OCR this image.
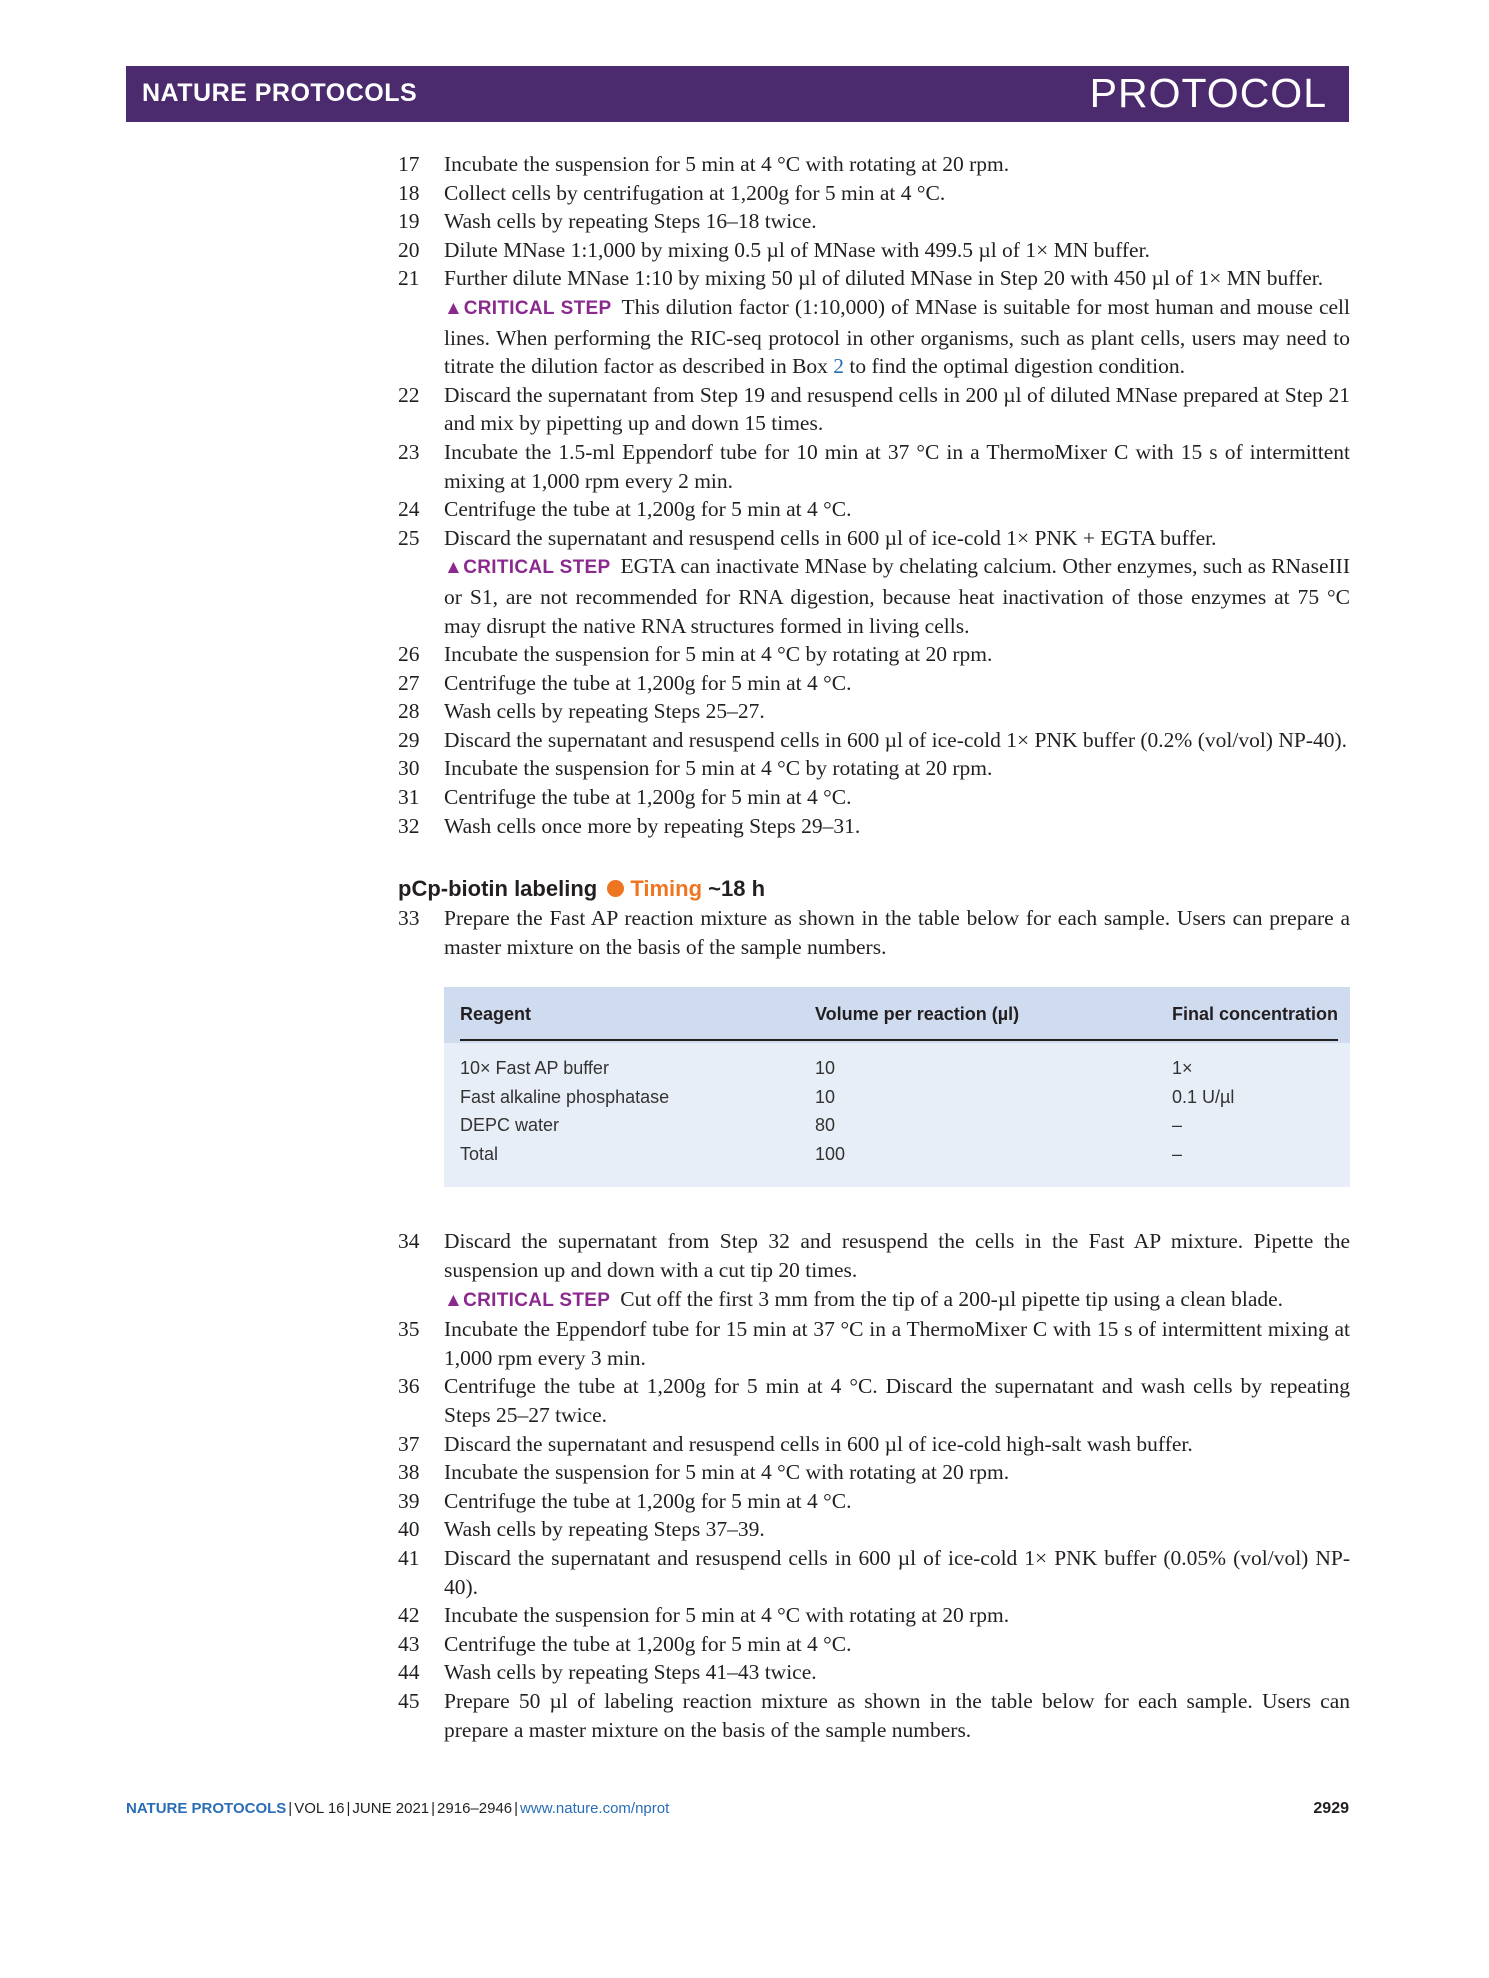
NATURE PROTOCOLS	PROTOCOL
17 Incubate the suspension for 5 min at 4 °C with rotating at 20 rpm.
18 Collect cells by centrifugation at 1,200g for 5 min at 4 °C.
19 Wash cells by repeating Steps 16–18 twice.
20 Dilute MNase 1:1,000 by mixing 0.5 µl of MNase with 499.5 µl of 1× MN buffer.
21 Further dilute MNase 1:10 by mixing 50 µl of diluted MNase in Step 20 with 450 µl of 1× MN buffer.
▲CRITICAL STEP This dilution factor (1:10,000) of MNase is suitable for most human and mouse cell lines. When performing the RIC-seq protocol in other organisms, such as plant cells, users may need to titrate the dilution factor as described in Box 2 to find the optimal digestion condition.
22 Discard the supernatant from Step 19 and resuspend cells in 200 µl of diluted MNase prepared at Step 21 and mix by pipetting up and down 15 times.
23 Incubate the 1.5-ml Eppendorf tube for 10 min at 37 °C in a ThermoMixer C with 15 s of intermittent mixing at 1,000 rpm every 2 min.
24 Centrifuge the tube at 1,200g for 5 min at 4 °C.
25 Discard the supernatant and resuspend cells in 600 µl of ice-cold 1× PNK + EGTA buffer.
▲CRITICAL STEP EGTA can inactivate MNase by chelating calcium. Other enzymes, such as RNaseIII or S1, are not recommended for RNA digestion, because heat inactivation of those enzymes at 75 °C may disrupt the native RNA structures formed in living cells.
26 Incubate the suspension for 5 min at 4 °C by rotating at 20 rpm.
27 Centrifuge the tube at 1,200g for 5 min at 4 °C.
28 Wash cells by repeating Steps 25–27.
29 Discard the supernatant and resuspend cells in 600 µl of ice-cold 1× PNK buffer (0.2% (vol/vol) NP-40).
30 Incubate the suspension for 5 min at 4 °C by rotating at 20 rpm.
31 Centrifuge the tube at 1,200g for 5 min at 4 °C.
32 Wash cells once more by repeating Steps 29–31.
pCp-biotin labeling Timing ~18 h
33 Prepare the Fast AP reaction mixture as shown in the table below for each sample. Users can prepare a master mixture on the basis of the sample numbers.
Reagent	Volume per reaction (µl)	Final concentration
10× Fast AP buffer	10	1×
Fast alkaline phosphatase	10	0.1 U/µl
DEPC water	80	–
Total	100	–
34 Discard the supernatant from Step 32 and resuspend the cells in the Fast AP mixture. Pipette the suspension up and down with a cut tip 20 times.
▲CRITICAL STEP Cut off the first 3 mm from the tip of a 200-µl pipette tip using a clean blade.
35 Incubate the Eppendorf tube for 15 min at 37 °C in a ThermoMixer C with 15 s of intermittent mixing at 1,000 rpm every 3 min.
36 Centrifuge the tube at 1,200g for 5 min at 4 °C. Discard the supernatant and wash cells by repeating Steps 25–27 twice.
37 Discard the supernatant and resuspend cells in 600 µl of ice-cold high-salt wash buffer.
38 Incubate the suspension for 5 min at 4 °C with rotating at 20 rpm.
39 Centrifuge the tube at 1,200g for 5 min at 4 °C.
40 Wash cells by repeating Steps 37–39.
41 Discard the supernatant and resuspend cells in 600 µl of ice-cold 1× PNK buffer (0.05% (vol/vol) NP-40).
42 Incubate the suspension for 5 min at 4 °C with rotating at 20 rpm.
43 Centrifuge the tube at 1,200g for 5 min at 4 °C.
44 Wash cells by repeating Steps 41–43 twice.
45 Prepare 50 µl of labeling reaction mixture as shown in the table below for each sample. Users can prepare a master mixture on the basis of the sample numbers.
NATURE PROTOCOLS | VOL 16 | JUNE 2021 | 2916–2946 | www.nature.com/nprot	2929
